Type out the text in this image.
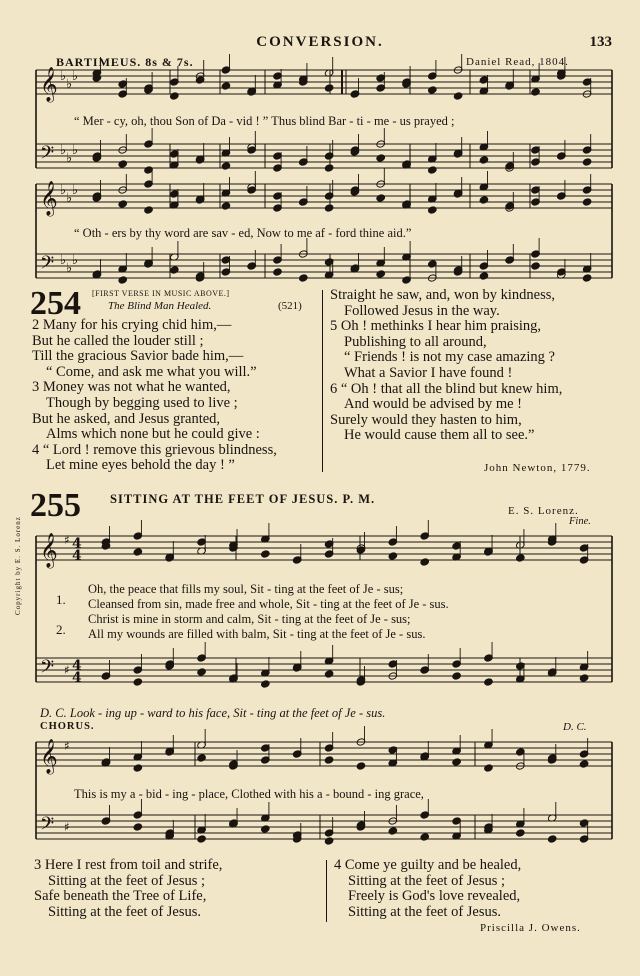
CONVERSION.	133
BARTIMEUS. 8s & 7s.	Daniel Read, 1804.
𝄞
𝄢
♭
♭
♭
♭
♭
♭
𝄞
𝄢
♭
♭
♭
♭
♭
♭
“ Mer - cy, oh, thou Son of Da - vid ! ” Thus blind Bar - ti - me - us prayed ;
“ Oth - ers by thy word are sav - ed, Now to me af - ford thine aid.”
254 [FIRST VERSE IN MUSIC ABOVE.]
The Blind Man Healed.	(521)
2 Many for his crying chid him,—
But he called the louder still ;
Till the gracious Savior bade him,—
“ Come, and ask me what you will.”
3 Money was not what he wanted,
Though by begging used to live ;
But he asked, and Jesus granted,
Alms which none but he could give :
4 “ Lord ! remove this grievous blindness,
Let mine eyes behold the day ! ”
Straight he saw, and, won by kindness,
Followed Jesus in the way.
5 Oh ! methinks I hear him praising,
Publishing to all around,
“ Friends ! is not my case amazing ?
What a Savior I have found !
6 “ Oh ! that all the blind but knew him,
And would be advised by me !
Surely would they hasten to him,
He would cause them all to see.”
John Newton, 1779.
255 SITTING AT THE FEET OF JESUS. P. M.
E. S. Lorenz.
Fine.
Copyright by E. S. Lorenz 𝄞
𝄢
♯
♯
4
4
4
4
𝄞
𝄢
♯
♯
1.
2.
Oh, the peace that fills my soul, Sit - ting at the feet of Je - sus;
Cleansed from sin, made free and whole, Sit - ting at the feet of Je - sus.
Christ is mine in storm and calm, Sit - ting at the feet of Je - sus;
All my wounds are filled with balm, Sit - ting at the feet of Je - sus.
D. C. Look - ing up - ward to his face, Sit - ting at the feet of Je - sus.
CHORUS.	D. C.
This is my a - bid - ing - place, Clothed with his a - bound - ing grace,
3 Here I rest from toil and strife,
Sitting at the feet of Jesus ;
Safe beneath the Tree of Life,
Sitting at the feet of Jesus.
4 Come ye guilty and be healed,
Sitting at the feet of Jesus ;
Freely is God's love revealed,
Sitting at the feet of Jesus.
Priscilla J. Owens.
